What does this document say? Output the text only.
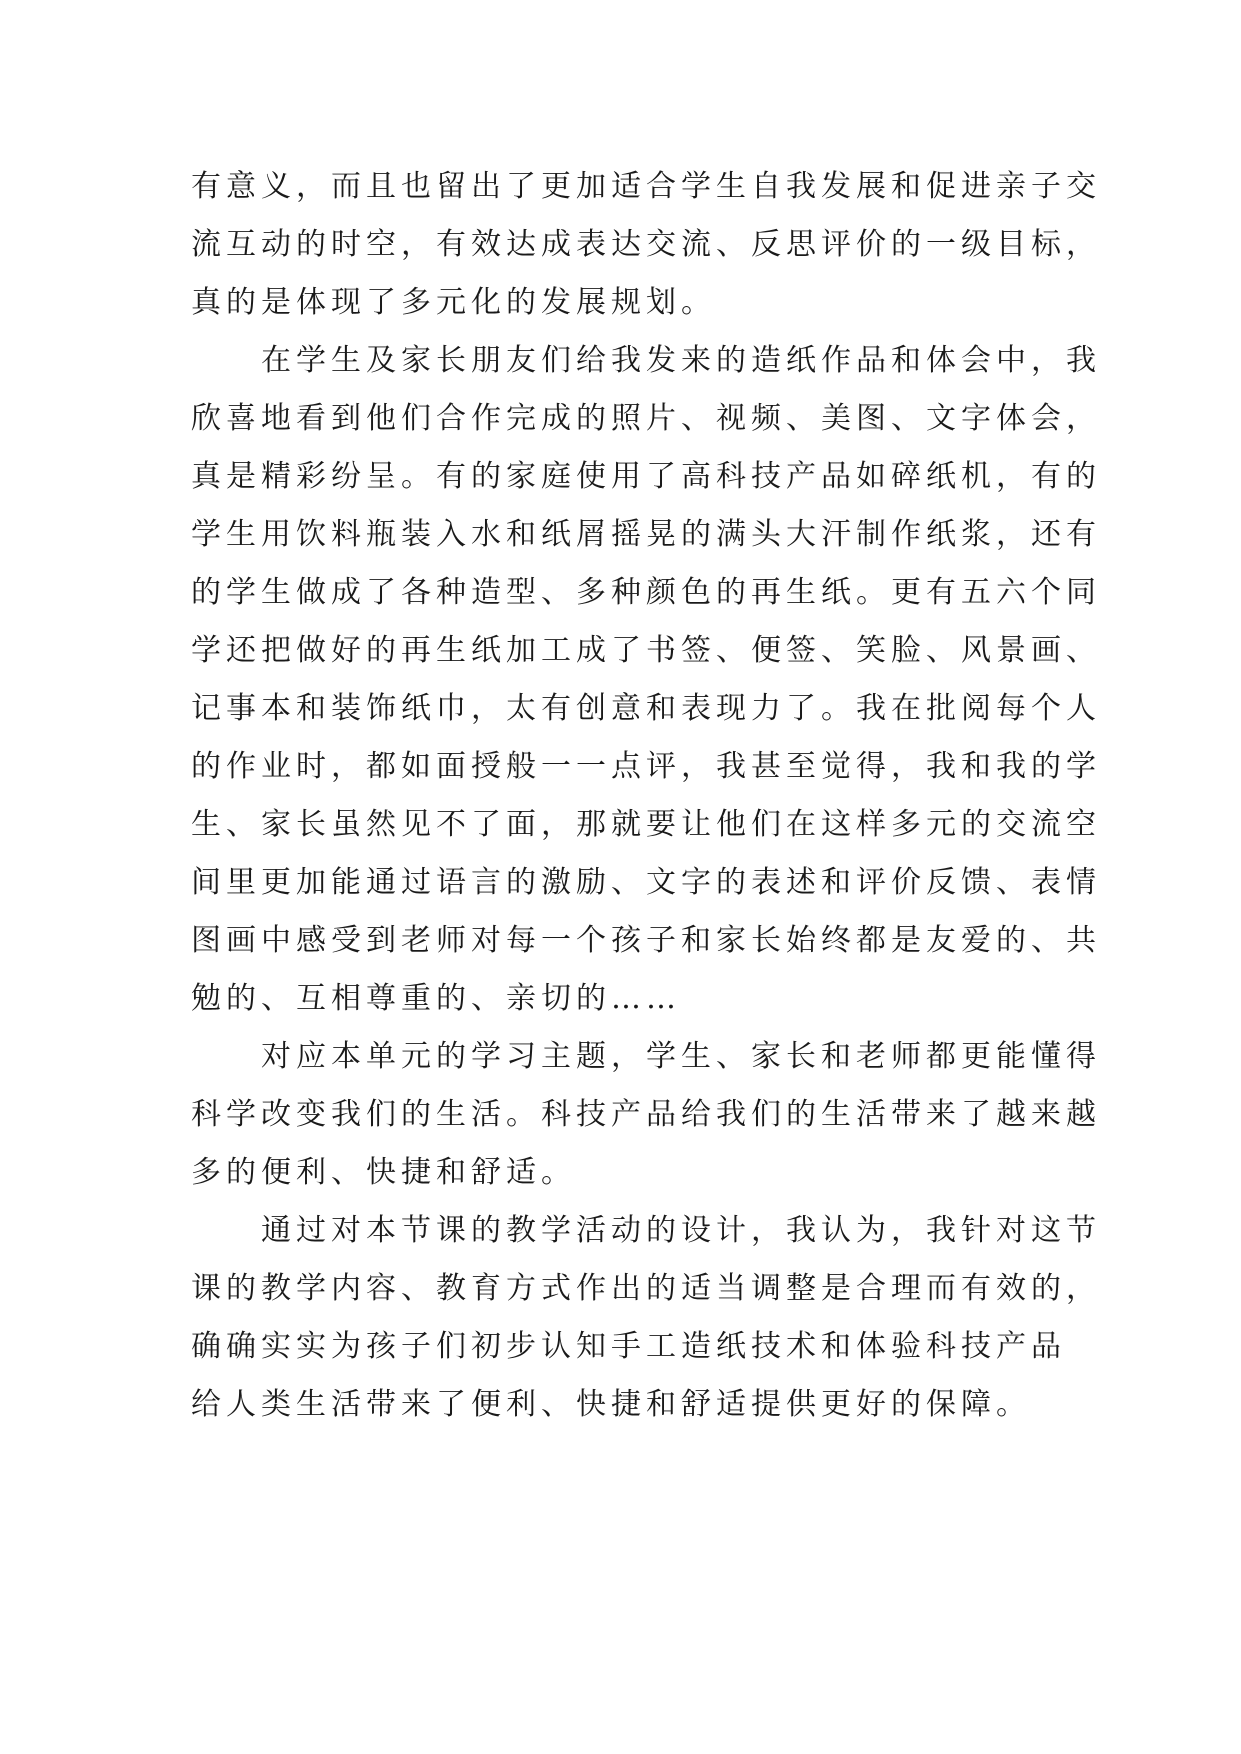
有意义，而且也留出了更加适合学生自我发展和促进亲子交
流互动的时空，有效达成表达交流、反思评价的一级目标，
真的是体现了多元化的发展规划。
在学生及家长朋友们给我发来的造纸作品和体会中，我
欣喜地看到他们合作完成的照片、视频、美图、文字体会，
真是精彩纷呈。有的家庭使用了高科技产品如碎纸机，有的
学生用饮料瓶装入水和纸屑摇晃的满头大汗制作纸浆，还有
的学生做成了各种造型、多种颜色的再生纸。更有五六个同
学还把做好的再生纸加工成了书签、便签、笑脸、风景画、
记事本和装饰纸巾，太有创意和表现力了。我在批阅每个人
的作业时，都如面授般一一点评，我甚至觉得，我和我的学
生、家长虽然见不了面，那就要让他们在这样多元的交流空
间里更加能通过语言的激励、文字的表述和评价反馈、表情
图画中感受到老师对每一个孩子和家长始终都是友爱的、共
勉的、互相尊重的、亲切的……
对应本单元的学习主题，学生、家长和老师都更能懂得
科学改变我们的生活。科技产品给我们的生活带来了越来越
多的便利、快捷和舒适。
通过对本节课的教学活动的设计，我认为，我针对这节
课的教学内容、教育方式作出的适当调整是合理而有效的，
确确实实为孩子们初步认知手工造纸技术和体验科技产品
给人类生活带来了便利、快捷和舒适提供更好的保障。
